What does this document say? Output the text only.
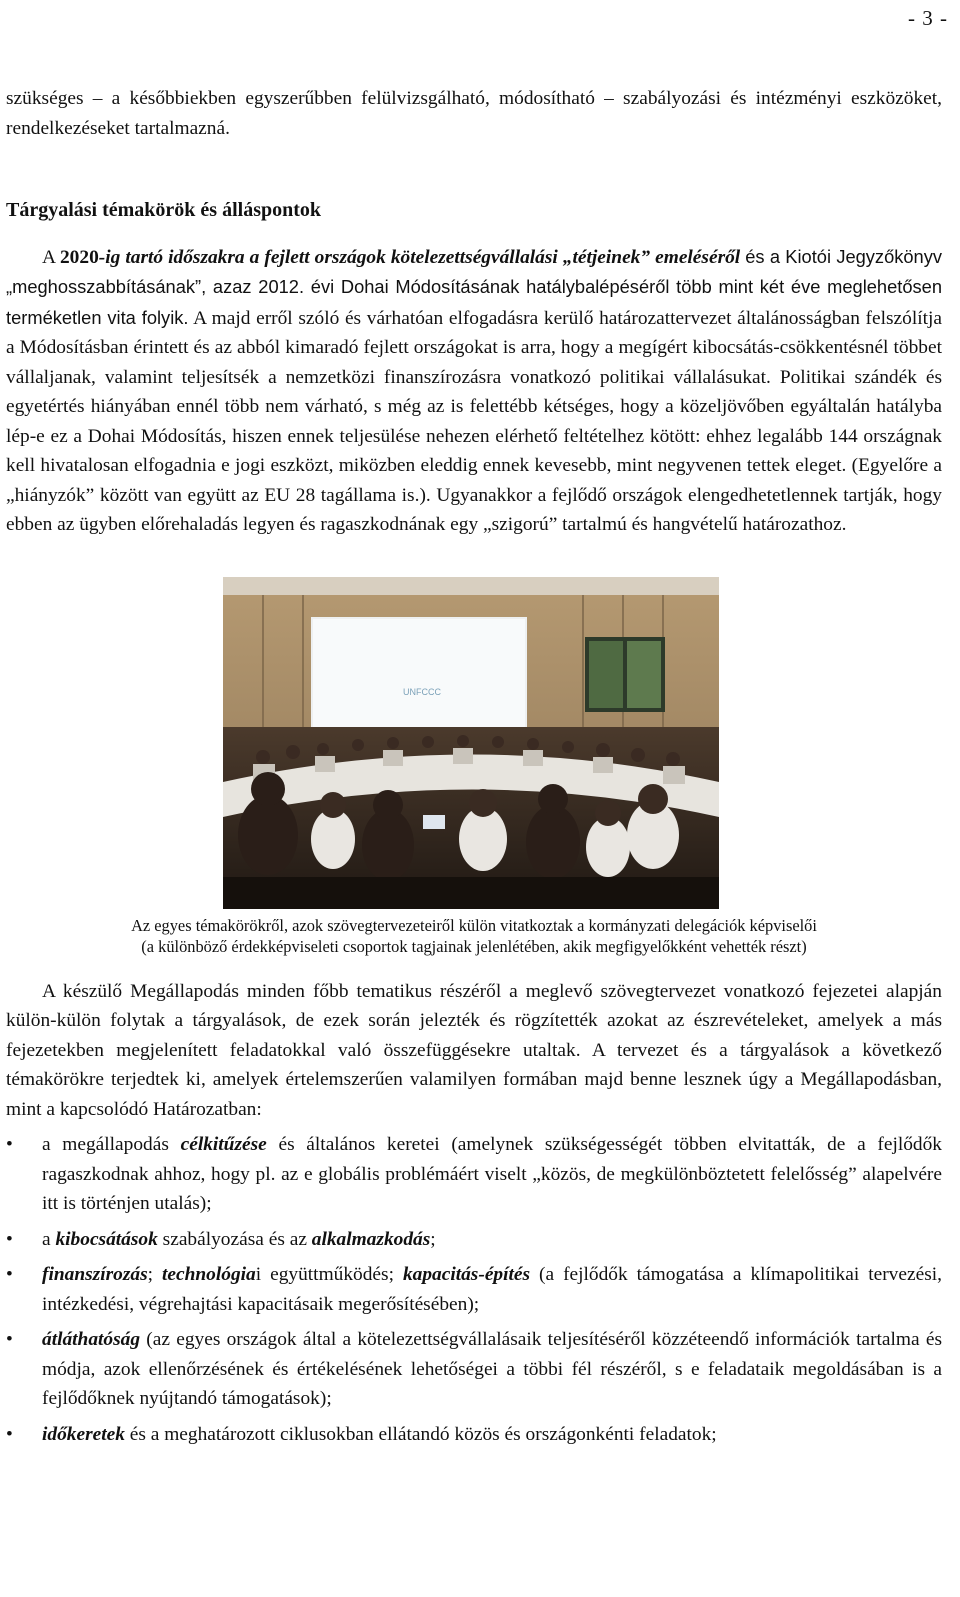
- 3 -

szükséges – a későbbiekben egyszerűbben felülvizsgálható, módosítható – szabályozási és intézményi eszközöket, rendelkezéseket tartalmazná.

Tárgyalási témakörök és álláspontok

A 2020-ig tartó időszakra a fejlett országok kötelezettségvállalási „tétjeinek” emeléséről és a Kiotói Jegyzőkönyv „meghosszabbításának”, azaz 2012. évi Dohai Módosításának hatálybalépéséről több mint két éve meglehetősen terméketlen vita folyik. A majd erről szóló és várhatóan elfogadásra kerülő határozattervezet általánosságban felszólítja a Módosításban érintett és az abból kimaradó fejlett országokat is arra, hogy a megígért kibocsátás-csökkentésnél többet vállaljanak, valamint teljesítsék a nemzetközi finanszírozásra vonatkozó politikai vállalásukat. Politikai szándék és egyetértés hiányában ennél több nem várható, s még az is felettébb kétséges, hogy a közeljövőben egyáltalán hatályba lép-e ez a Dohai Módosítás, hiszen ennek teljesülése nehezen elérhető feltételhez kötött: ehhez legalább 144 országnak kell hivatalosan elfogadnia e jogi eszközt, miközben eleddig ennek kevesebb, mint negyvenen tettek eleget. (Egyelőre a „hiányzók” között van együtt az EU 28 tagállama is.). Ugyanakkor a fejlődő országok elengedhetetlennek tartják, hogy ebben az ügyben előrehaladás legyen és ragaszkodnának egy „szigorú” tartalmú és hangvételű határozathoz.

UNFCCC
Az egyes témakörökről, azok szövegtervezeteiről külön vitatkoztak a kormányzati delegációk képviselői
(a különböző érdekképviseleti csoportok tagjainak jelenlétében, akik megfigyelőkként vehették részt)

A készülő Megállapodás minden főbb tematikus részéről a meglevő szövegtervezet vonatkozó fejezetei alapján külön-külön folytak a tárgyalások, de ezek során jelezték és rögzítették azokat az észrevételeket, amelyek a más fejezetekben megjelenített feladatokkal való összefüggésekre utaltak. A tervezet és a tárgyalások a következő témakörökre terjedtek ki, amelyek értelemszerűen valamilyen formában majd benne lesznek úgy a Megállapodásban, mint a kapcsolódó Határozatban:

• a megállapodás célkitűzése és általános keretei (amelynek szükségességét többen elvitatták, de a fejlődők ragaszkodnak ahhoz, hogy pl. az e globális problémáért viselt „közös, de megkülönböztetett felelősség” alapelvére itt is történjen utalás);
• a kibocsátások szabályozása és az alkalmazkodás;
• finanszírozás; technológiai együttműködés; kapacitás-építés (a fejlődők támogatása a klímapolitikai tervezési, intézkedési, végrehajtási kapacitásaik megerősítésében);
• átláthatóság (az egyes országok által a kötelezettségvállalásaik teljesítéséről közzéteendő információk tartalma és módja, azok ellenőrzésének és értékelésének lehetőségei a többi fél részéről, s e feladataik megoldásában is a fejlődőknek nyújtandó támogatások);
• időkeretek és a meghatározott ciklusokban ellátandó közös és országonkénti feladatok;
